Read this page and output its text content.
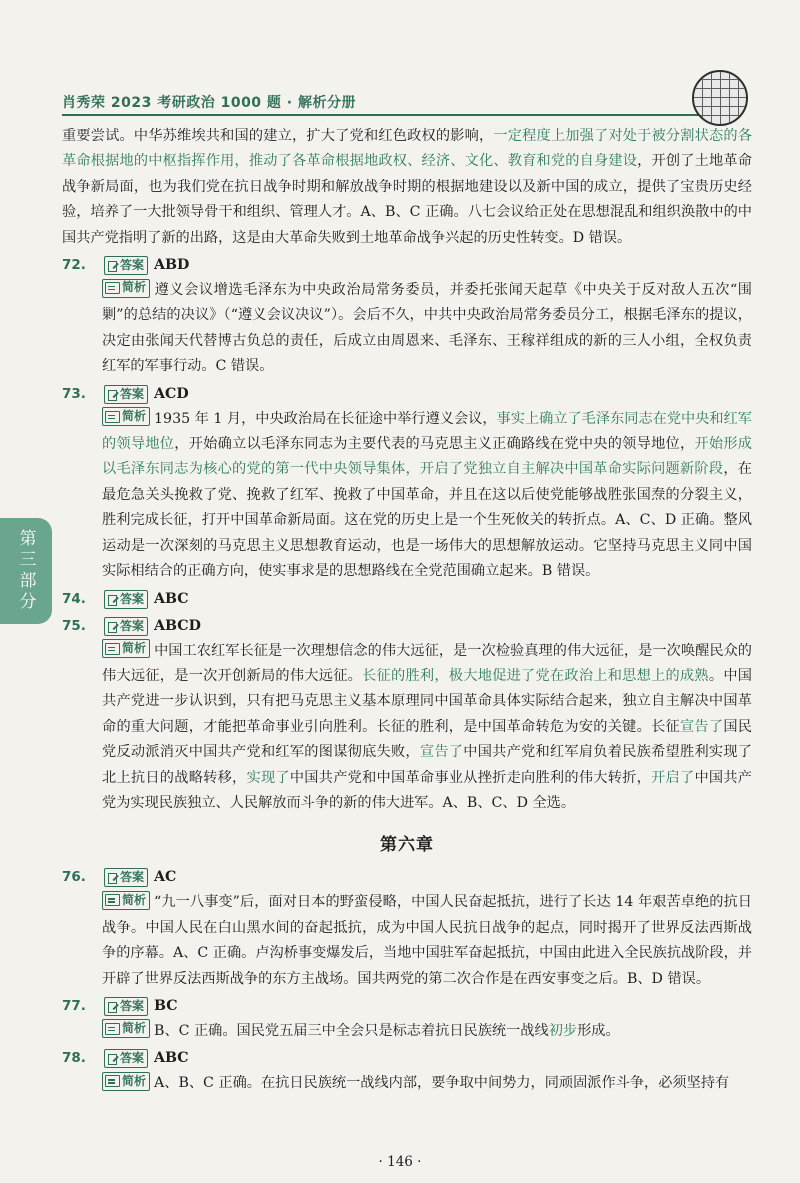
肖秀荣 2023 考研政治 1000 题 · 解析分册
第三部分

重要尝试。中华苏维埃共和国的建立，扩大了党和红色政权的影响，一定程度上加强了对处于被分割状态的各革命根据地的中枢指挥作用，推动了各革命根据地政权、经济、文化、教育和党的自身建设，开创了土地革命战争新局面，也为我们党在抗日战争时期和解放战争时期的根据地建设以及新中国的成立，提供了宝贵历史经验，培养了一大批领导骨干和组织、管理人才。A、B、C 正确。八七会议给正处在思想混乱和组织涣散中的中国共产党指明了新的出路，这是由大革命失败到土地革命战争兴起的历史性转变。D 错误。

72.	答案 ABD

简析 遵义会议增选毛泽东为中央政治局常务委员，并委托张闻天起草《中央关于反对敌人五次“围剿”的总结的决议》（“遵义会议决议”）。会后不久，中共中央政治局常务委员分工，根据毛泽东的提议，决定由张闻天代替博古负总的责任，后成立由周恩来、毛泽东、王稼祥组成的新的三人小组，全权负责红军的军事行动。C 错误。

73.	答案 ACD

简析 1935 年 1 月，中央政治局在长征途中举行遵义会议，事实上确立了毛泽东同志在党中央和红军的领导地位，开始确立以毛泽东同志为主要代表的马克思主义正确路线在党中央的领导地位，开始形成以毛泽东同志为核心的党的第一代中央领导集体，开启了党独立自主解决中国革命实际问题新阶段，在最危急关头挽救了党、挽救了红军、挽救了中国革命，并且在这以后使党能够战胜张国焘的分裂主义，胜利完成长征，打开中国革命新局面。这在党的历史上是一个生死攸关的转折点。A、C、D 正确。整风运动是一次深刻的马克思主义思想教育运动，也是一场伟大的思想解放运动。它坚持马克思主义同中国实际相结合的正确方向，使实事求是的思想路线在全党范围确立起来。B 错误。

74.	答案 ABC
75.	答案 ABCD

简析 中国工农红军长征是一次理想信念的伟大远征，是一次检验真理的伟大远征，是一次唤醒民众的伟大远征，是一次开创新局的伟大远征。长征的胜利，极大地促进了党在政治上和思想上的成熟。中国共产党进一步认识到，只有把马克思主义基本原理同中国革命具体实际结合起来，独立自主解决中国革命的重大问题，才能把革命事业引向胜利。长征的胜利，是中国革命转危为安的关键。长征宣告了国民党反动派消灭中国共产党和红军的图谋彻底失败，宣告了中国共产党和红军肩负着民族希望胜利实现了北上抗日的战略转移，实现了中国共产党和中国革命事业从挫折走向胜利的伟大转折，开启了中国共产党为实现民族独立、人民解放而斗争的新的伟大进军。A、B、C、D 全选。

第六章
76.	答案 AC

简析 “九一八事变”后，面对日本的野蛮侵略，中国人民奋起抵抗，进行了长达 14 年艰苦卓绝的抗日战争。中国人民在白山黑水间的奋起抵抗，成为中国人民抗日战争的起点，同时揭开了世界反法西斯战争的序幕。A、C 正确。卢沟桥事变爆发后，当地中国驻军奋起抵抗，中国由此进入全民族抗战阶段，并开辟了世界反法西斯战争的东方主战场。国共两党的第二次合作是在西安事变之后。B、D 错误。

77.	答案 BC

简析 B、C 正确。国民党五届三中全会只是标志着抗日民族统一战线初步形成。

78.	答案 ABC

简析 A、B、C 正确。在抗日民族统一战线内部，要争取中间势力，同顽固派作斗争，必须坚持有

· 146 ·
